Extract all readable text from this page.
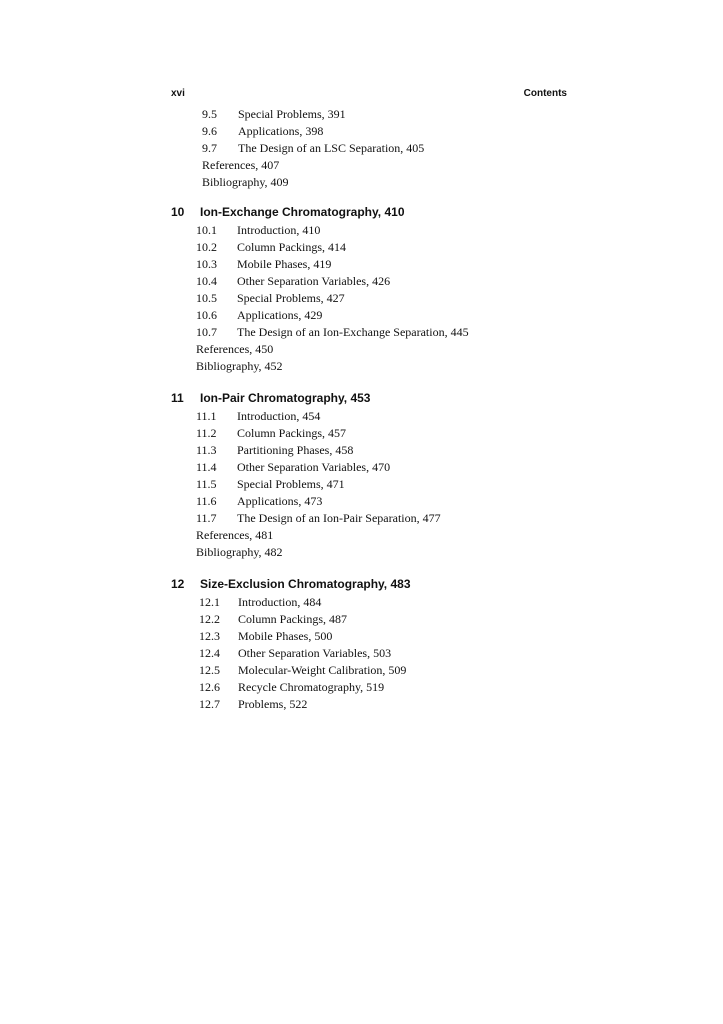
xvi	Contents
9.5 Special Problems, 391
9.6 Applications, 398
9.7 The Design of an LSC Separation, 405
References, 407
Bibliography, 409
10 Ion-Exchange Chromatography, 410
10.1 Introduction, 410
10.2 Column Packings, 414
10.3 Mobile Phases, 419
10.4 Other Separation Variables, 426
10.5 Special Problems, 427
10.6 Applications, 429
10.7 The Design of an Ion-Exchange Separation, 445
References, 450
Bibliography, 452
11 Ion-Pair Chromatography, 453
11.1 Introduction, 454
11.2 Column Packings, 457
11.3 Partitioning Phases, 458
11.4 Other Separation Variables, 470
11.5 Special Problems, 471
11.6 Applications, 473
11.7 The Design of an Ion-Pair Separation, 477
References, 481
Bibliography, 482
12 Size-Exclusion Chromatography, 483
12.1 Introduction, 484
12.2 Column Packings, 487
12.3 Mobile Phases, 500
12.4 Other Separation Variables, 503
12.5 Molecular-Weight Calibration, 509
12.6 Recycle Chromatography, 519
12.7 Problems, 522
